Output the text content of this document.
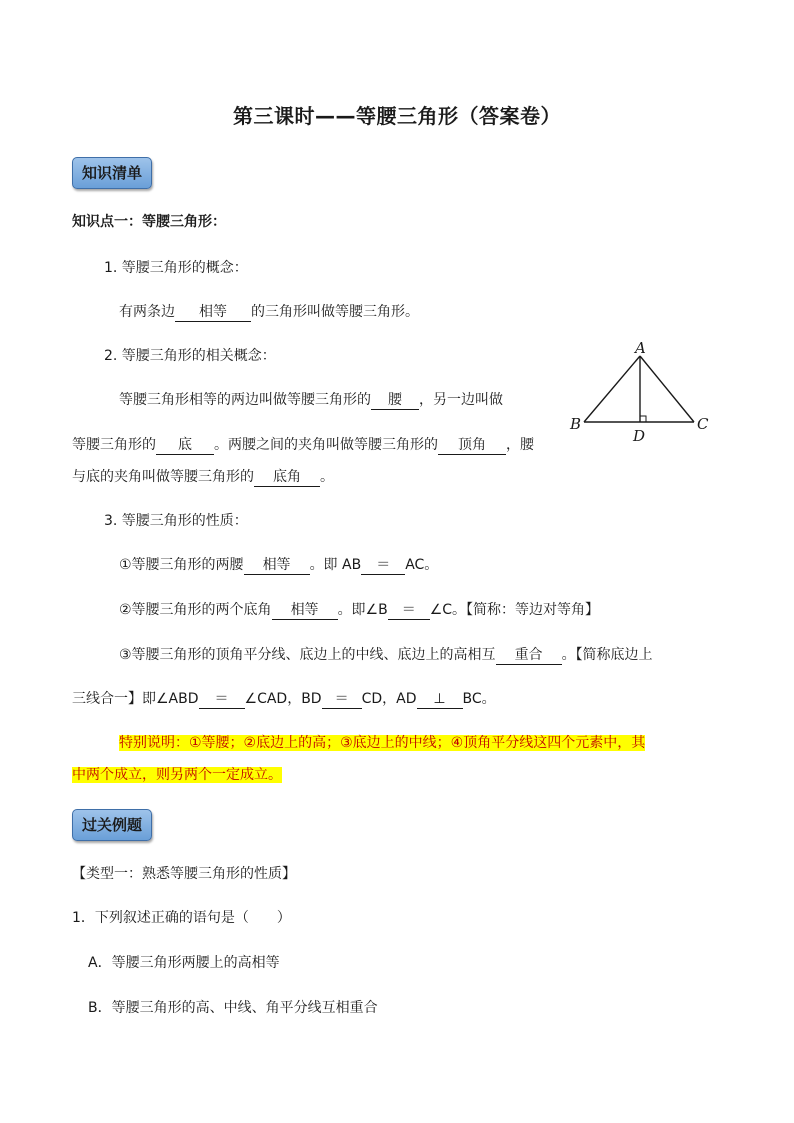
第三课时——等腰三角形（答案卷）
知识清单
知识点一：等腰三角形：
1. 等腰三角形的概念：
有两条边 相等 的三角形叫做等腰三角形。
2. 等腰三角形的相关概念：
等腰三角形相等的两边叫做等腰三角形的 腰 ，另一边叫做
等腰三角形的 底 。两腰之间的夹角叫做等腰三角形的 顶角 ，腰
与底的夹角叫做等腰三角形的 底角 。
A
B	C
D
3. 等腰三角形的性质：
①等腰三角形的两腰 相等 。即 AB ＝ AC。
②等腰三角形的两个底角 相等 。即∠B ＝ ∠C。【简称：等边对等角】
③等腰三角形的顶角平分线、底边上的中线、底边上的高相互 重合 。【简称底边上
三线合一】即∠ABD ＝ ∠CAD，BD ＝ CD，AD ⊥ BC。
特别说明：①等腰；②底边上的高；③底边上的中线；④顶角平分线这四个元素中，其
中两个成立，则另两个一定成立。
过关例题
【类型一：熟悉等腰三角形的性质】
1．下列叙述正确的语句是（　　）
A．等腰三角形两腰上的高相等
B．等腰三角形的高、中线、角平分线互相重合
